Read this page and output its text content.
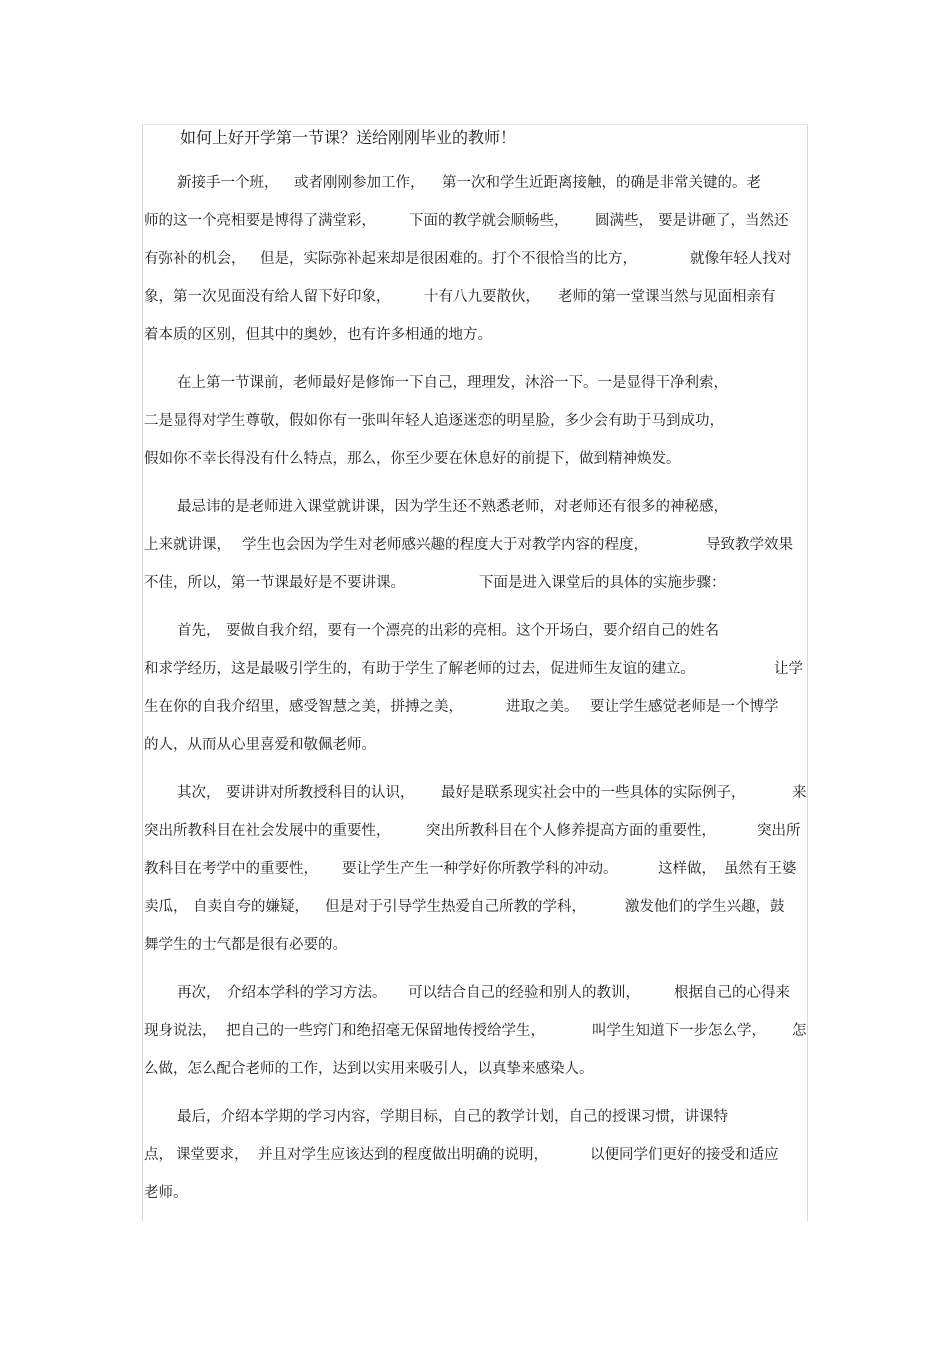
如何上好开学第一节课？送给刚刚毕业的教师！
新接手一个班， 或者刚刚参加工作， 第一次和学生近距离接触，的确是非常关键的。老
师的这一个亮相要是博得了满堂彩， 下面的教学就会顺畅些， 圆满些， 要是讲砸了，当然还
有弥补的机会， 但是，实际弥补起来却是很困难的。打个不很恰当的比方，	就像年轻人找对
象，第一次见面没有给人留下好印象， 十有八九要散伙， 老师的第一堂课当然与见面相亲有
着本质的区别，但其中的奥妙，也有许多相通的地方。
在上第一节课前，老师最好是修饰一下自己，理理发，沐浴一下。一是显得干净利索，
二是显得对学生尊敬，假如你有一张叫年轻人追逐迷恋的明星脸，多少会有助于马到成功，
假如你不幸长得没有什么特点，那么，你至少要在休息好的前提下，做到精神焕发。
最忌讳的是老师进入课堂就讲课，因为学生还不熟悉老师，对老师还有很多的神秘感，
上来就讲课， 学生也会因为学生对老师感兴趣的程度大于对教学内容的程度，	导致教学效果
不佳，所以，第一节课最好是不要讲课。	下面是进入课堂后的具体的实施步骤：
首先， 要做自我介绍，要有一个漂亮的出彩的亮相。这个开场白，要介绍自己的姓名
和求学经历，这是最吸引学生的，有助于学生了解老师的过去，促进师生友谊的建立。	让学
生在你的自我介绍里，感受智慧之美，拼搏之美，	进取之美。 要让学生感觉老师是一个博学
的人，从而从心里喜爱和敬佩老师。
其次， 要讲讲对所教授科目的认识， 最好是联系现实社会中的一些具体的实际例子，	来
突出所教科目在社会发展中的重要性， 突出所教科目在个人修养提高方面的重要性，	突出所
教科目在考学中的重要性， 要让学生产生一种学好你所教学科的冲动。	这样做， 虽然有王婆
卖瓜， 自卖自夸的嫌疑， 但是对于引导学生热爱自己所教的学科，	激发他们的学生兴趣，鼓
舞学生的士气都是很有必要的。
再次， 介绍本学科的学习方法。 可以结合自己的经验和别人的教训， 根据自己的心得来
现身说法， 把自己的一些窍门和绝招毫无保留地传授给学生，	叫学生知道下一步怎么学， 怎
么做，怎么配合老师的工作，达到以实用来吸引人，以真挚来感染人。
最后，介绍本学期的学习内容，学期目标，自己的教学计划，自己的授课习惯，讲课特
点， 课堂要求， 并且对学生应该达到的程度做出明确的说明，	以便同学们更好的接受和适应
老师。
